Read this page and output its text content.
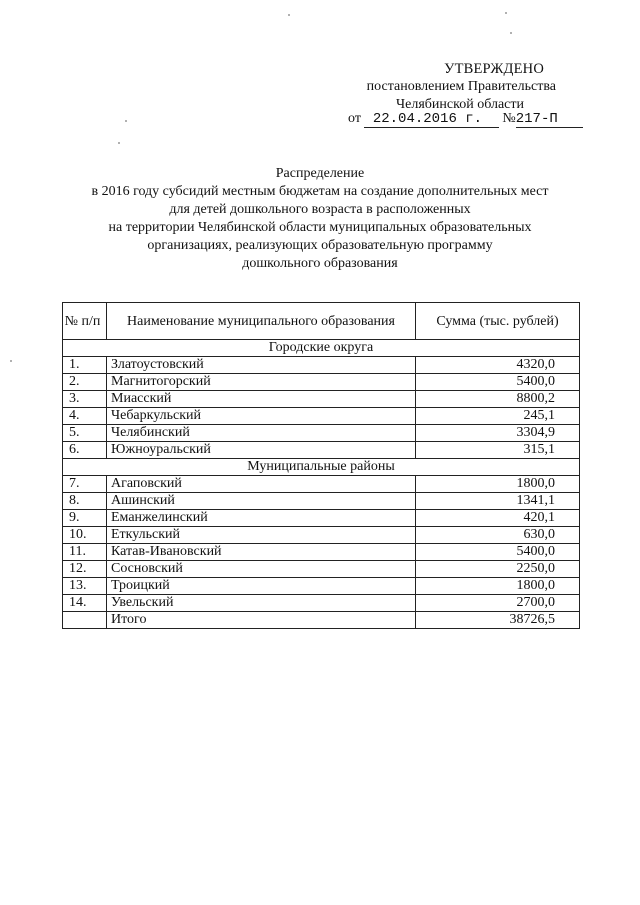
УТВЕРЖДЕНО
постановлением Правительства
Челябинской области
от 22.04.2016 г. №217-П
Распределение
в 2016 году субсидий местным бюджетам на создание дополнительных мест
для детей дошкольного возраста в расположенных
на территории Челябинской области муниципальных образовательных
организациях, реализующих образовательную программу
дошкольного образования
№ п/п	Наименование муниципального образования	Сумма (тыс. рублей)
Городские округа		
1.	Златоустовский	4320,0
2.	Магнитогорский	5400,0
3.	Миасский	8800,2
4.	Чебаркульский	245,1
5.	Челябинский	3304,9
6.	Южноуральский	315,1
Муниципальные районы		
7.	Агаповский	1800,0
8.	Ашинский	1341,1
9.	Еманжелинский	420,1
10.	Еткульский	630,0
11.	Катав-Ивановский	5400,0
12.	Сосновский	2250,0
13.	Троицкий	1800,0
14.	Увельский	2700,0
	Итого	38726,5
